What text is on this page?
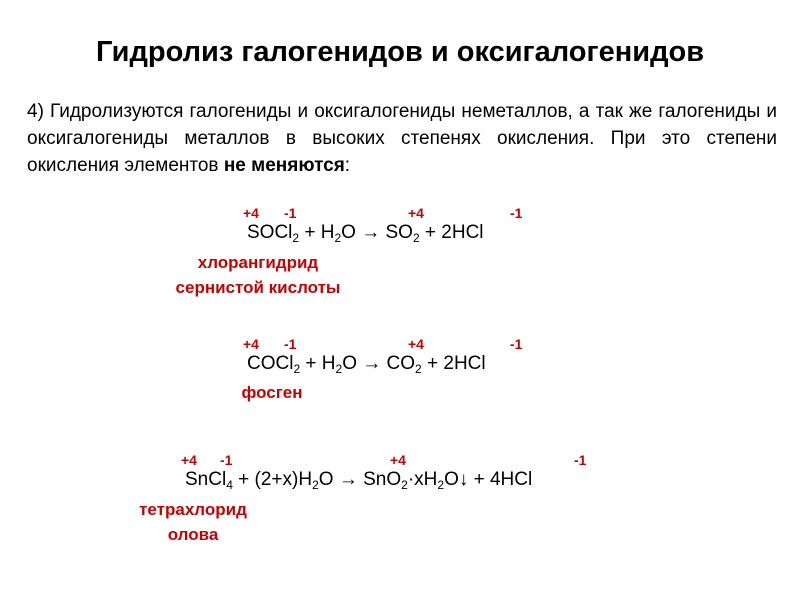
Гидролиз галогенидов и оксигалогенидов
4) Гидролизуются галогениды и оксигалогениды неметаллов, а так же галогениды и оксигалогениды металлов в высоких степенях окисления. При это степени окисления элементов не меняются:
+4 -1	+4	-1
SOCl$_2$ + $H_2O \to SO_2 + 2HCl$
хлорангидрид
сернистой кислоты
+4 -1	+4	-1
COCl$_2$ + $H_2O \to CO_2 + 2HCl$
фосген
+4 -1	+4	-1
SnCl$_4$ + $(2+x)H_2O$ → $SnO_2\cdot xH_2O↓ + 4HCl$
тетрахлорид
олова
